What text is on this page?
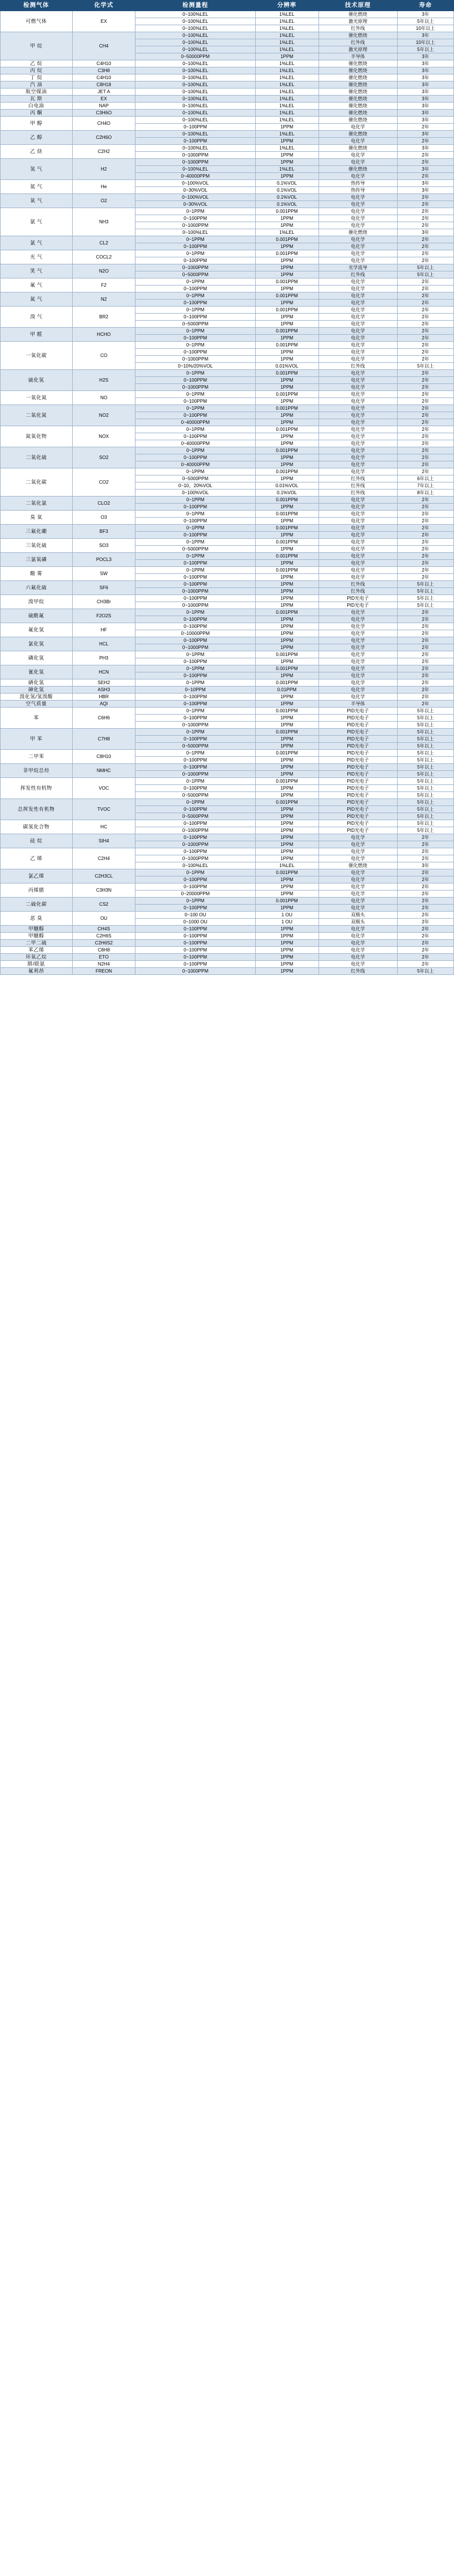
检测气体	化学式	检测量程	分辨率	技术原理	寿命
可燃气体	EX	0~100%LEL	1%LEL	催化燃烧	3年
		0~100%LEL	1%LEL	激光原理	5年以上
		0~100%LEL	1%LEL	红外线	10年以上
甲 烷	CH4	0~100%LEL	1%LEL	催化燃烧	3年
		0~100%LEL	1%LEL	红外线	10年以上
		0~100%LEL	1%LEL	激光原理	5年以上
		0~50000PPM	1PPM	半导体	3年
乙 烷	C4H10	0~100%LEL	1%LEL	催化燃烧	3年
丙 烷	C3H8	0~100%LEL	1%LEL	催化燃烧	3年
丁 烷	C4H10	0~100%LEL	1%LEL	催化燃烧	3年
汽 油	C8H18	0~100%LEL	1%LEL	催化燃烧	3年
航空煤油	JET A	0~100%LEL	1%LEL	催化燃烧	3年
瓦 斯	EX	0~100%LEL	1%LEL	催化燃烧	3年
白电油	NAP	0~100%LEL	1%LEL	催化燃烧	3年
丙 酮	C3H6O	0~100%LEL	1%LEL	催化燃烧	3年
甲 醇	CH4O	0~100%LEL	1%LEL	催化燃烧	3年
		0~100PPM	1PPM	电化学	2年
乙 醇	C2H6O	0~100%LEL	1%LEL	催化燃烧	3年
		0~100PPM	1PPM	电化学	2年
乙 炔	C2H2	0~100%LEL	1%LEL	催化燃烧	3年
		0~1000PPM	1PPM	电化学	2年
氢 气	H2	0~1000PPM	1PPM	电化学	2年
		0~100%LEL	1%LEL	催化燃烧	3年
		0~40000PPM	1PPM	电化学	2年
氦 气	He	0~100%VOL	0.1%VOL	热传导	3年
		0~30%VOL	0.1%VOL	热传导	3年
氧 气	O2	0~100%VOL	0.1%VOL	电化学	2年
		0~30%VOL	0.1%VOL	电化学	2年
氨 气	NH3	0~1PPM	0.001PPM	电化学	2年
		0~100PPM	1PPM	电化学	2年
		0~1000PPM	1PPM	电化学	2年
		0~100%LEL	1%LEL	催化燃烧	3年
氯 气	CL2	0~1PPM	0.001PPM	电化学	2年
		0~100PPM	1PPM	电化学	2年
光 气	COCL2	0~1PPM	0.001PPM	电化学	2年
		0~100PPM	1PPM	电化学	2年
笑 气	N2O	0~1000PPM	1PPM	光学流导	5年以上
		0~5000PPM	1PPM	红外线	5年以上
氟 气	F2	0~1PPM	0.001PPM	电化学	2年
		0~100PPM	1PPM	电化学	2年
氮 气	N2	0~1PPM	0.001PPM	电化学	2年
		0~100PPM	1PPM	电化学	2年
溴 气	BR2	0~1PPM	0.001PPM	电化学	2年
		0~100PPM	1PPM	电化学	2年
		0~5000PPM	1PPM	电化学	2年
甲 醛	HCHO	0~1PPM	0.001PPM	电化学	2年
		0~100PPM	1PPM	电化学	2年
一氧化碳	CO	0~1PPM	0.001PPM	电化学	2年
		0~100PPM	1PPM	电化学	2年
		0~1000PPM	1PPM	电化学	2年
		0~10%/20%VOL	0.01%VOL	红外线	5年以上
硫化氢	H2S	0~1PPM	0.001PPM	电化学	2年
		0~100PPM	1PPM	电化学	2年
		0~1000PPM	1PPM	电化学	2年
一氧化氮	NO	0~1PPM	0.001PPM	电化学	2年
		0~100PPM	1PPM	电化学	2年
二氧化氮	NO2	0~1PPM	0.001PPM	电化学	2年
		0~100PPM	1PPM	电化学	2年
		0~40000PPM	1PPM	电化学	2年
氮氧化物	NOX	0~1PPM	0.001PPM	电化学	2年
		0~100PPM	1PPM	电化学	2年
		0~40000PPM	1PPM	电化学	2年
二氧化硫	SO2	0~1PPM	0.001PPM	电化学	2年
		0~100PPM	1PPM	电化学	2年
		0~40000PPM	1PPM	电化学	2年
二氧化碳	CO2	0~1PPM	0.001PPM	电化学	2年
		0~5000PPM	1PPM	红外线	6年以上
		0~10、20%VOL	0.01%VOL	红外线	7年以上
		0~100%VOL	0.1%VOL	红外线	8年以上
二氧化氯	CLO2	0~1PPM	0.001PPM	电化学	2年
		0~100PPM	1PPM	电化学	2年
臭 氧	O3	0~1PPM	0.001PPM	电化学	2年
		0~100PPM	1PPM	电化学	2年
三氟化硼	BF3	0~1PPM	0.001PPM	电化学	2年
		0~100PPM	1PPM	电化学	2年
三氧化硫	SO3	0~1PPM	0.001PPM	电化学	2年
		0~5000PPM	1PPM	电化学	2年
三氯氧磷	POCL3	0~1PPM	0.001PPM	电化学	2年
		0~100PPM	1PPM	电化学	2年
酸 雾	SW	0~1PPM	0.001PPM	电化学	2年
		0~100PPM	1PPM	电化学	2年
六氟化硫	SF6	0~100PPM	1PPM	红外线	5年以上
		0~1000PPM	1PPM	红外线	5年以上
溴甲烷	CH3Br	0~100PPM	1PPM	PID光电子	5年以上
		0~1000PPM	1PPM	PID光电子	5年以上
硫酰氟	F2O2S	0~1PPM	0.001PPM	电化学	2年
		0~100PPM	1PPM	电化学	2年
氟化氢	HF	0~100PPM	1PPM	电化学	2年
		0~10000PPM	1PPM	电化学	2年
氯化氢	HCL	0~100PPM	1PPM	电化学	2年
		0~1000PPM	1PPM	电化学	2年
磷化氢	PH3	0~1PPM	0.001PPM	电化学	2年
		0~100PPM	1PPM	电化学	2年
氰化氢	HCN	0~1PPM	0.001PPM	电化学	2年
		0~100PPM	1PPM	电化学	2年
硒化氢	SEH2	0~1PPM	0.001PPM	电化学	2年
砷化氢	ASH3	0~10PPM	0.01PPM	电化学	2年
溴化氢/氢溴酸	HBR	0~100PPM	1PPM	电化学	2年
空气质量	AQI	0~100PPM	1PPM	半导体	2年
苯	C6H6	0~1PPM	0.001PPM	PID光电子	5年以上
		0~100PPM	1PPM	PID光电子	5年以上
		0~1000PPM	1PPM	PID光电子	5年以上
甲 苯	C7H8	0~1PPM	0.001PPM	PID光电子	5年以上
		0~100PPM	1PPM	PID光电子	5年以上
		0~5000PPM	1PPM	PID光电子	5年以上
二甲苯	C8H10	0~1PPM	0.001PPM	PID光电子	5年以上
		0~100PPM	1PPM	PID光电子	5年以上
非甲烷总烃	NMHC	0~100PPM	1PPM	PID光电子	5年以上
		0~1000PPM	1PPM	PID光电子	5年以上
挥发性有机物	VOC	0~1PPM	0.001PPM	PID光电子	5年以上
		0~100PPM	1PPM	PID光电子	5年以上
		0~5000PPM	1PPM	PID光电子	5年以上
总挥发性有机物	TVOC	0~1PPM	0.001PPM	PID光电子	5年以上
		0~100PPM	1PPM	PID光电子	5年以上
		0~5000PPM	1PPM	PID光电子	5年以上
碳氢化合物	HC	0~100PPM	1PPM	PID光电子	5年以上
		0~1000PPM	1PPM	PID光电子	5年以上
硅 烷	SIH4	0~100PPM	1PPM	电化学	2年
		0~1000PPM	1PPM	电化学	2年
乙 烯	C2H4	0~100PPM	1PPM	电化学	2年
		0~1000PPM	1PPM	电化学	2年
		0~100%LEL	1%LEL	催化燃烧	3年
氯乙烯	C2H3CL	0~1PPM	0.001PPM	电化学	2年
		0~100PPM	1PPM	电化学	2年
丙烯腈	C3H3N	0~100PPM	1PPM	电化学	2年
		0~20000PPM	1PPM	电化学	2年
二硫化碳	CS2	0~1PPM	0.001PPM	电化学	2年
		0~100PPM	1PPM	电化学	2年
恶 臭	OU	0~100 OU	1 OU	双极头	2年
		0~1000 OU	1 OU	双极头	2年
甲醚醇	CH4S	0~100PPM	1PPM	电化学	2年
甲醚醇	C2H6S	0~100PPM	1PPM	电化学	2年
二甲二硫	C2H6S2	0~100PPM	1PPM	电化学	2年
苯乙烯	C8H8	0~100PPM	1PPM	电化学	2年
环氧乙烷	ETO	0~100PPM	1PPM	电化学	2年
肼/联氨	N2H4	0~100PPM	1PPM	电化学	2年
氟利昂	FREON	0~1000PPM	1PPM	红外线	5年以上
